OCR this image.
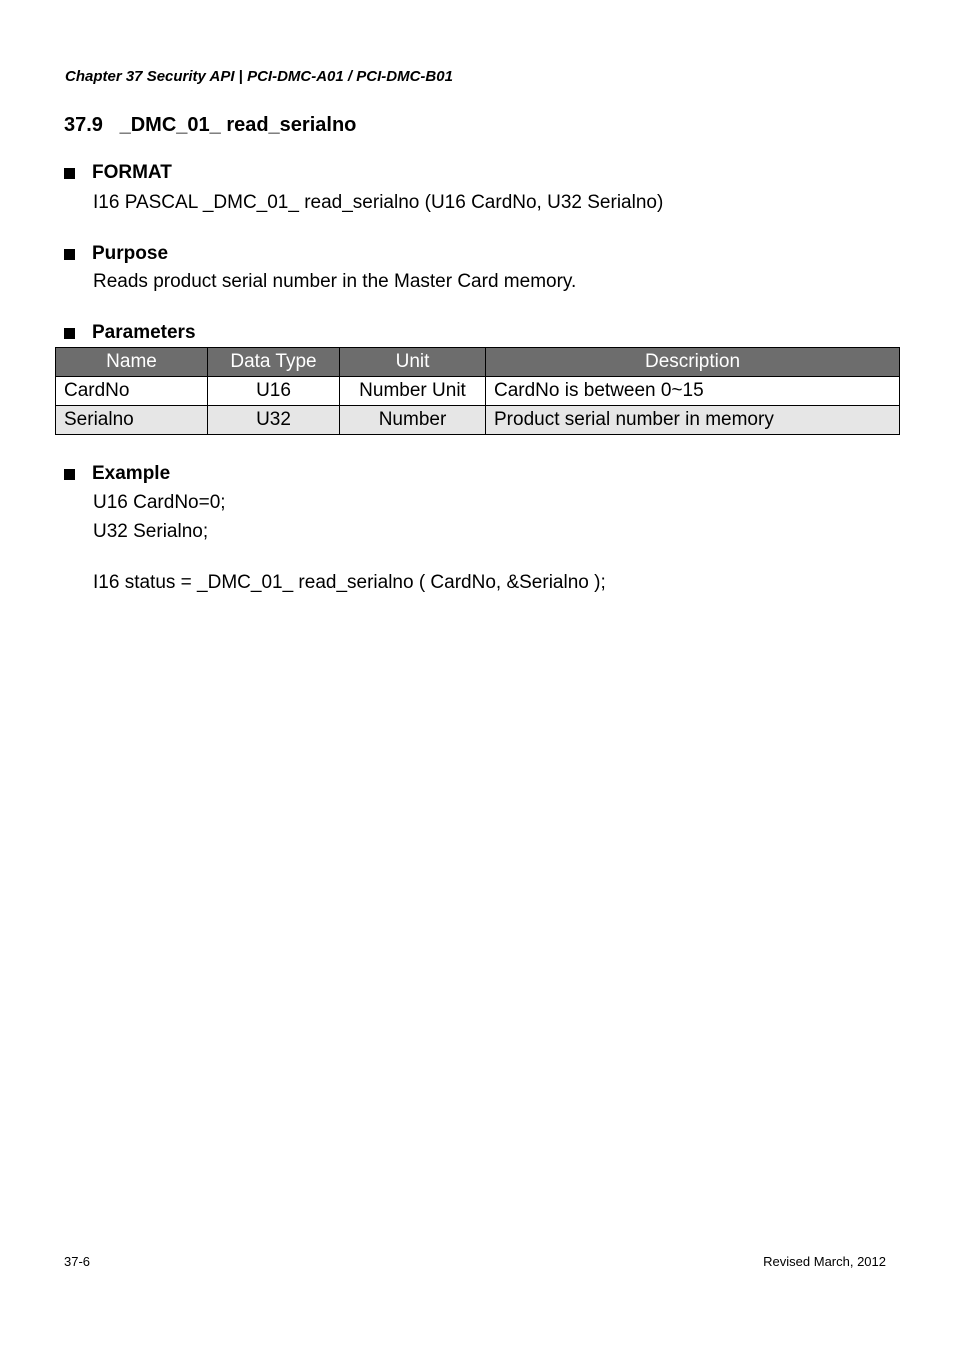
Chapter 37 Security API | PCI-DMC-A01 / PCI-DMC-B01
37.9   _DMC_01_ read_serialno
FORMAT
I16 PASCAL _DMC_01_ read_serialno (U16 CardNo, U32 Serialno)
Purpose
Reads product serial number in the Master Card memory.
Parameters
Name	Data Type	Unit	Description
CardNo	U16	Number Unit	CardNo is between 0~15
Serialno	U32	Number	Product serial number in memory
Example
U16 CardNo=0;
U32 Serialno;
I16 status = _DMC_01_ read_serialno ( CardNo, &Serialno );
37-6	Revised March, 2012
